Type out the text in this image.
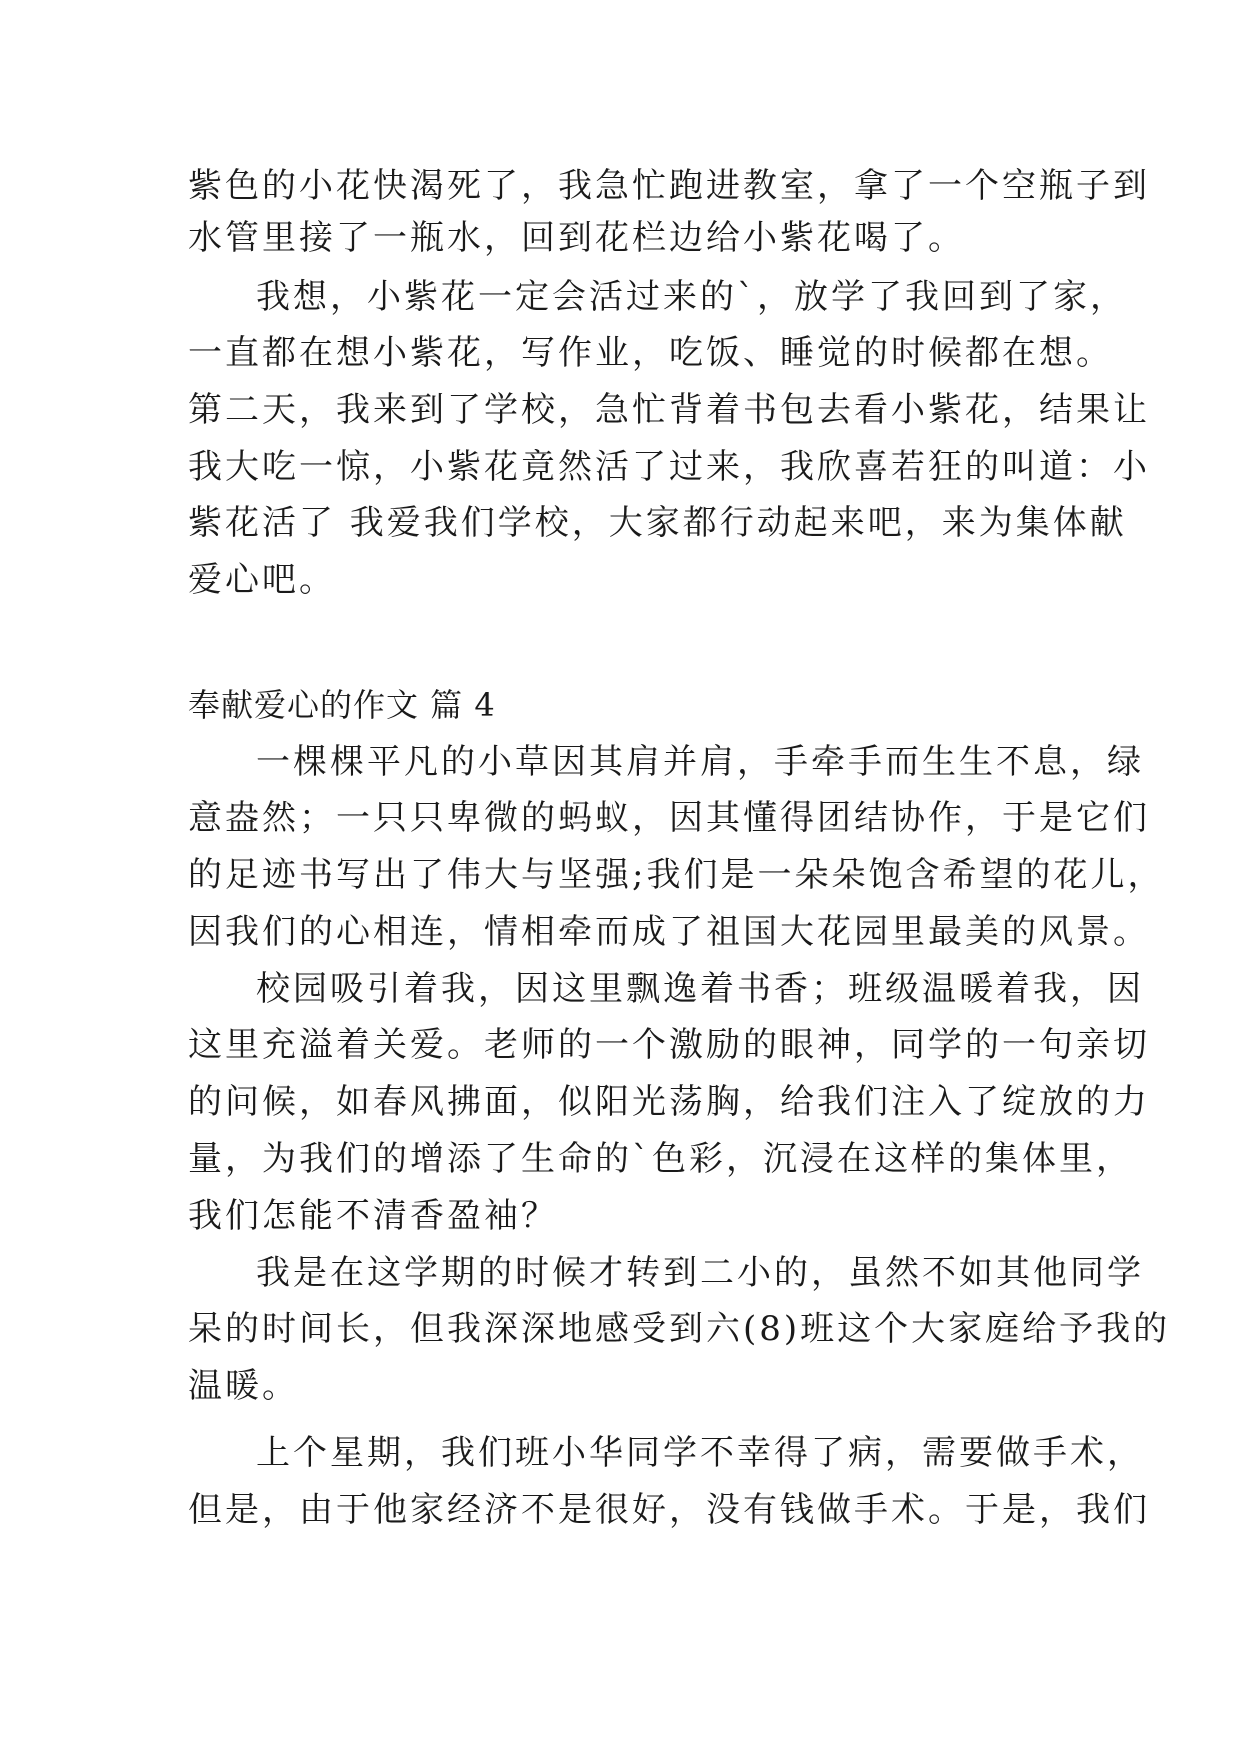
紫色的小花快渴死了，我急忙跑进教室，拿了一个空瓶子到

水管里接了一瓶水，回到花栏边给小紫花喝了。

我想，小紫花一定会活过来的`，放学了我回到了家，

一直都在想小紫花，写作业，吃饭、睡觉的时候都在想。

第二天，我来到了学校，急忙背着书包去看小紫花，结果让

我大吃一惊，小紫花竟然活了过来，我欣喜若狂的叫道：小

紫花活了 我爱我们学校，大家都行动起来吧，来为集体献

爱心吧。

奉献爱心的作文 篇 4

一棵棵平凡的小草因其肩并肩，手牵手而生生不息，绿

意盎然；一只只卑微的蚂蚁，因其懂得团结协作，于是它们

的足迹书写出了伟大与坚强;我们是一朵朵饱含希望的花儿，

因我们的心相连，情相牵而成了祖国大花园里最美的风景。

校园吸引着我，因这里飘逸着书香；班级温暖着我，因

这里充溢着关爱。老师的一个激励的眼神，同学的一句亲切

的问候，如春风拂面，似阳光荡胸，给我们注入了绽放的力

量，为我们的增添了生命的`色彩，沉浸在这样的集体里，

我们怎能不清香盈袖？

我是在这学期的时候才转到二小的，虽然不如其他同学

呆的时间长，但我深深地感受到六(8)班这个大家庭给予我的

温暖。

上个星期，我们班小华同学不幸得了病，需要做手术，

但是，由于他家经济不是很好，没有钱做手术。于是，我们
